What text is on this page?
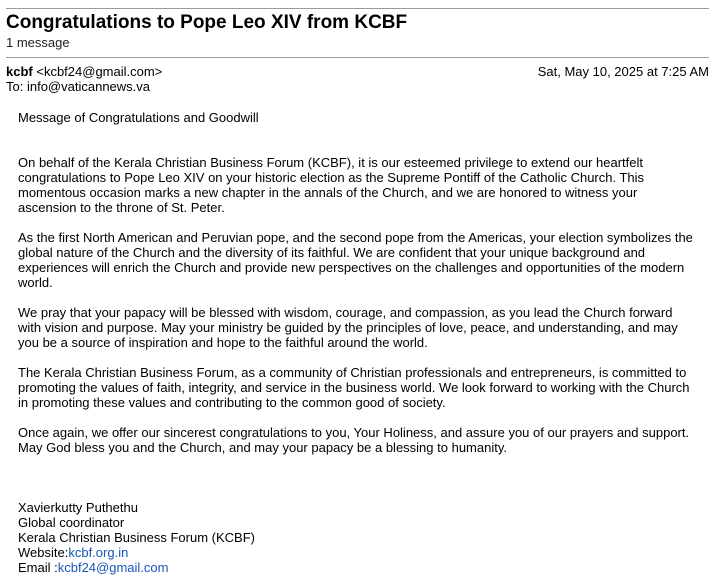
Congratulations to Pope Leo XIV from KCBF
1 message
kcbf <kcbf24@gmail.com>	Sat, May 10, 2025 at 7:25 AM
To: info@vaticannews.va

Message of Congratulations and Goodwill

On behalf of the Kerala Christian Business Forum (KCBF), it is our esteemed privilege to extend our heartfelt congratulations to Pope Leo XIV on your historic election as the Supreme Pontiff of the Catholic Church. This momentous occasion marks a new chapter in the annals of the Church, and we are honored to witness your ascension to the throne of St. Peter.

As the first North American and Peruvian pope, and the second pope from the Americas, your election symbolizes the global nature of the Church and the diversity of its faithful. We are confident that your unique background and experiences will enrich the Church and provide new perspectives on the challenges and opportunities of the modern world.

We pray that your papacy will be blessed with wisdom, courage, and compassion, as you lead the Church forward with vision and purpose. May your ministry be guided by the principles of love, peace, and understanding, and may you be a source of inspiration and hope to the faithful around the world.

The Kerala Christian Business Forum, as a community of Christian professionals and entrepreneurs, is committed to promoting the values of faith, integrity, and service in the business world. We look forward to working with the Church in promoting these values and contributing to the common good of society.

Once again, we offer our sincerest congratulations to you, Your Holiness, and assure you of our prayers and support. May God bless you and the Church, and may your papacy be a blessing to humanity.

Xavierkutty Puthethu
Global coordinator
Kerala Christian Business Forum (KCBF)
Website:kcbf.org.in
Email :kcbf24@gmail.com
